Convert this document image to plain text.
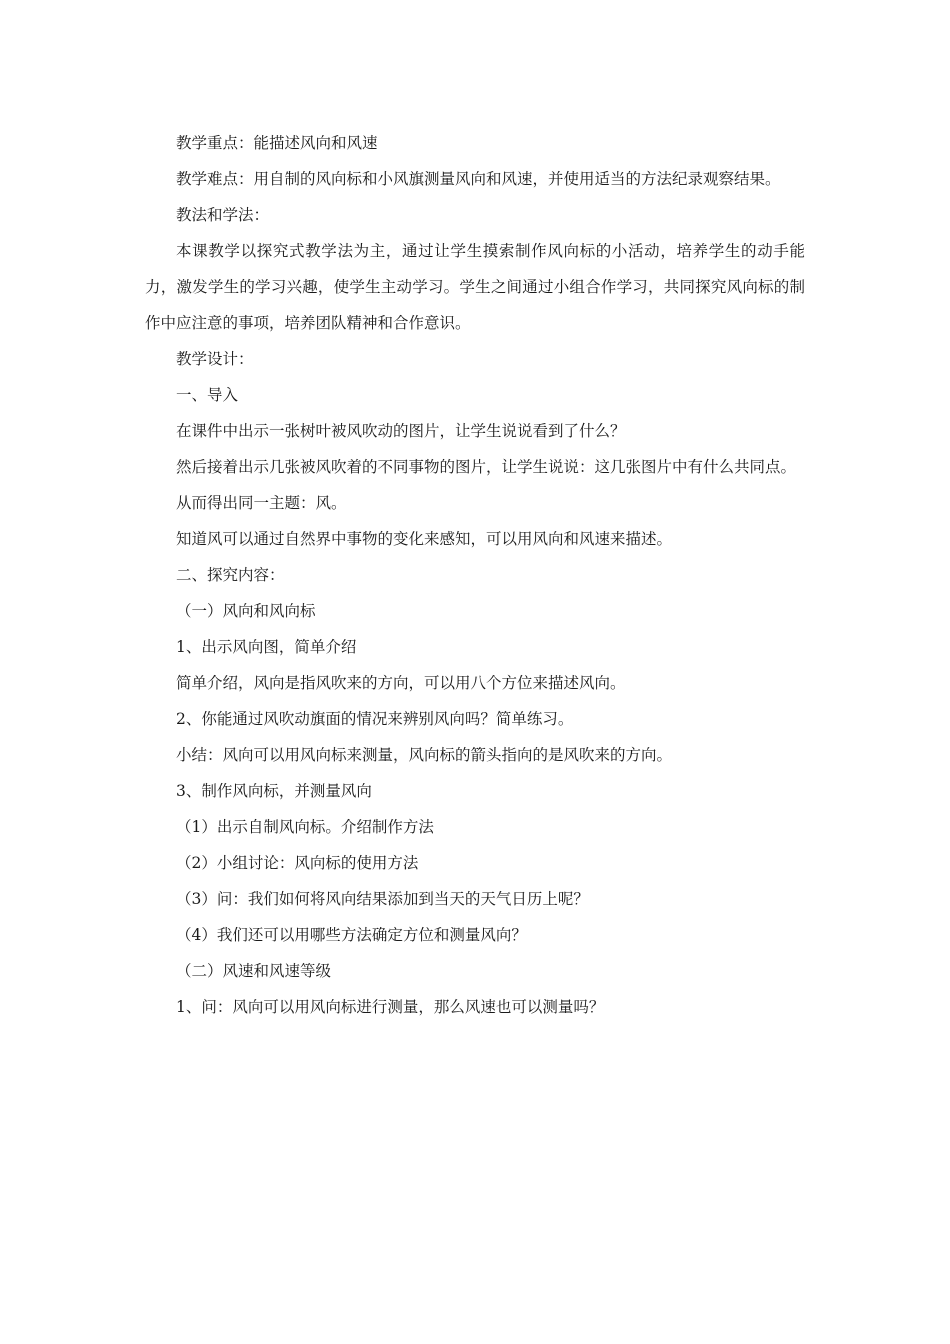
教学重点：能描述风向和风速

教学难点：用自制的风向标和小风旗测量风向和风速，并使用适当的方法纪录观察结果。

教法和学法：

本课教学以探究式教学法为主，通过让学生摸索制作风向标的小活动，培养学生的动手能力，激发学生的学习兴趣，使学生主动学习。学生之间通过小组合作学习，共同探究风向标的制作中应注意的事项，培养团队精神和合作意识。

教学设计：

一、导入

在课件中出示一张树叶被风吹动的图片，让学生说说看到了什么？

然后接着出示几张被风吹着的不同事物的图片，让学生说说：这几张图片中有什么共同点。

从而得出同一主题：风。

知道风可以通过自然界中事物的变化来感知，可以用风向和风速来描述。

二、探究内容：

（一）风向和风向标

1、出示风向图，简单介绍

简单介绍，风向是指风吹来的方向，可以用八个方位来描述风向。

2、你能通过风吹动旗面的情况来辨别风向吗？简单练习。

小结：风向可以用风向标来测量，风向标的箭头指向的是风吹来的方向。

3、制作风向标，并测量风向

（1）出示自制风向标。介绍制作方法

（2）小组讨论：风向标的使用方法

（3）问：我们如何将风向结果添加到当天的天气日历上呢？

（4）我们还可以用哪些方法确定方位和测量风向？

（二）风速和风速等级

1、问：风向可以用风向标进行测量，那么风速也可以测量吗？
